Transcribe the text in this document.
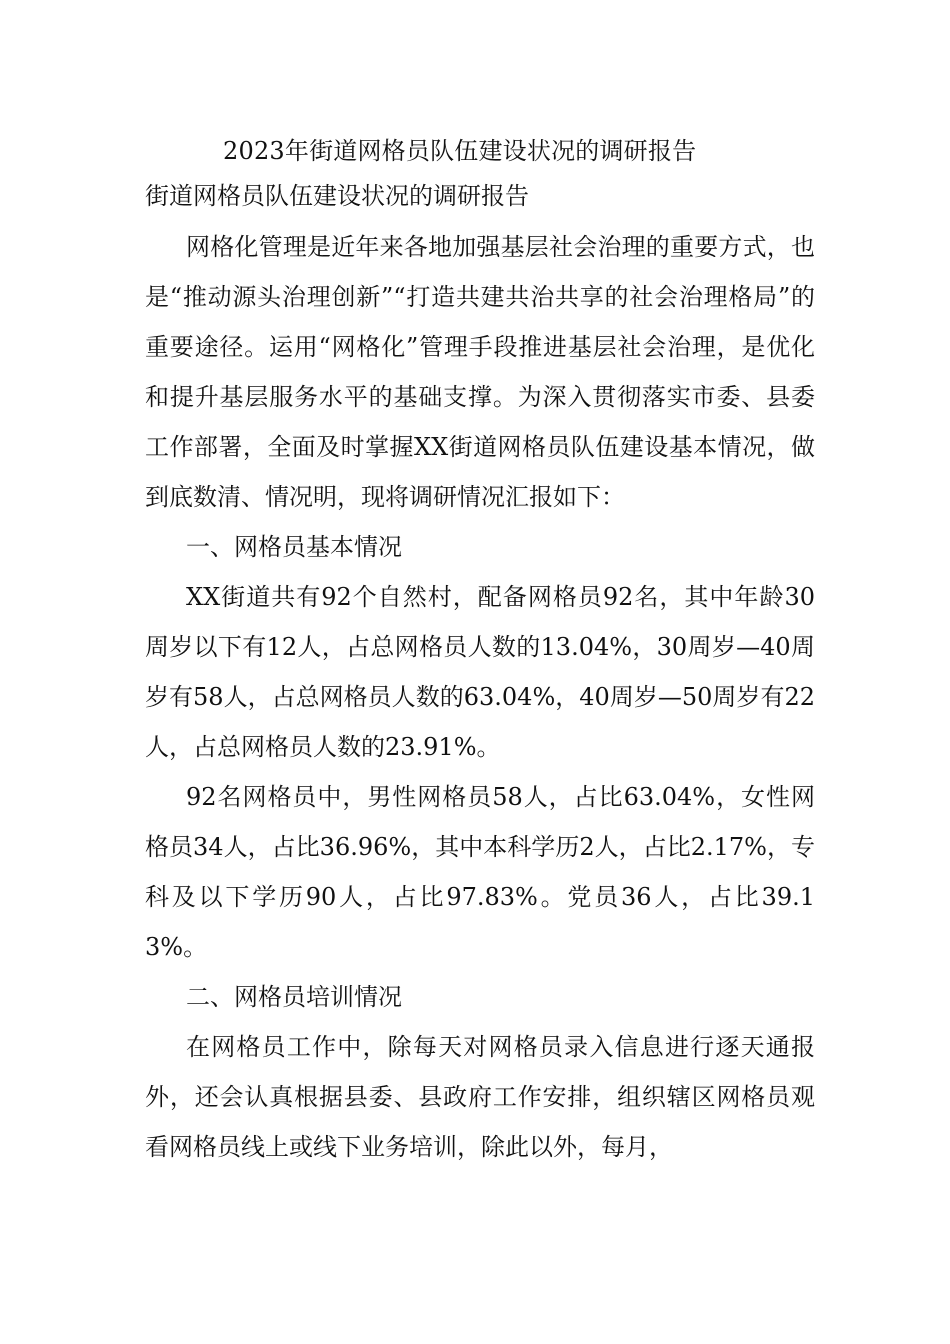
2023年街道网格员队伍建设状况的调研报告
街道网格员队伍建设状况的调研报告

网格化管理是近年来各地加强基层社会治理的重要方式，也是“推动源头治理创新”“打造共建共治共享的社会治理格局”的重要途径。运用“网格化”管理手段推进基层社会治理，是优化和提升基层服务水平的基础支撑。为深入贯彻落实市委、县委工作部署，全面及时掌握XX街道网格员队伍建设基本情况，做到底数清、情况明，现将调研情况汇报如下：

一、网格员基本情况

XX街道共有92个自然村，配备网格员92名，其中年龄30周岁以下有12人，占总网格员人数的13.04%，30周岁—40周岁有58人，占总网格员人数的63.04%，40周岁—50周岁有22人，占总网格员人数的23.91%。

92名网格员中，男性网格员58人，占比63.04%，女性网格员34人，占比36.96%，其中本科学历2人，占比2.17%，专科及以下学历90人，占比97.83%。党员36人，占比39.13%。

二、网格员培训情况

在网格员工作中，除每天对网格员录入信息进行逐天通报外，还会认真根据县委、县政府工作安排，组织辖区网格员观看网格员线上或线下业务培训，除此以外，每月，
